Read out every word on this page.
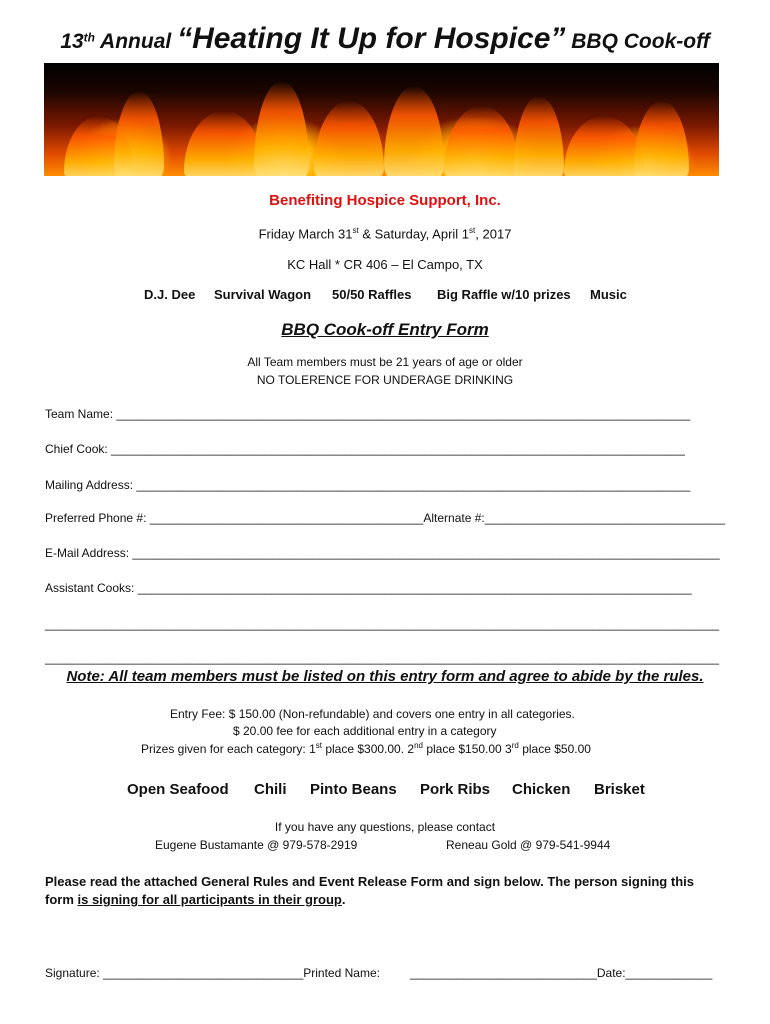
13th Annual “Heating It Up for Hospice” BBQ Cook-off
Benefiting Hospice Support, Inc.
Friday March 31st & Saturday, April 1st, 2017
KC Hall * CR 406 – El Campo, TX
D.J. Dee Survival Wagon 50/50 Raffles Big Raffle w/10 prizes Music
BBQ Cook-off Entry Form
All Team members must be 21 years of age or older
NO TOLERENCE FOR UNDERAGE DRINKING
Team Name: ______________________________________________________________________________________
Chief Cook: ______________________________________________________________________________________
Mailing Address: ___________________________________________________________________________________
Preferred Phone #: _________________________________________Alternate #:____________________________________
E-Mail Address: ________________________________________________________________________________________
Assistant Cooks: ___________________________________________________________________________________
_____________________________________________________________________________________________________
_____________________________________________________________________________________________________
Note: All team members must be listed on this entry form and agree to abide by the rules.
Entry Fee: $ 150.00 (Non-refundable) and covers one entry in all categories.
$ 20.00 fee for each additional entry in a category
Prizes given for each category: 1st place $300.00. 2nd place $150.00 3rd place $50.00
Open Seafood Chili Pinto Beans Pork Ribs Chicken Brisket
If you have any questions, please contact
Eugene Bustamante @ 979-578-2919	Reneau Gold @ 979-541-9944
Please read the attached General Rules and Event Release Form and sign below. The person signing this
form is signing for all participants in their group.
Signature: ______________________________Printed Name:	____________________________Date:_____________
